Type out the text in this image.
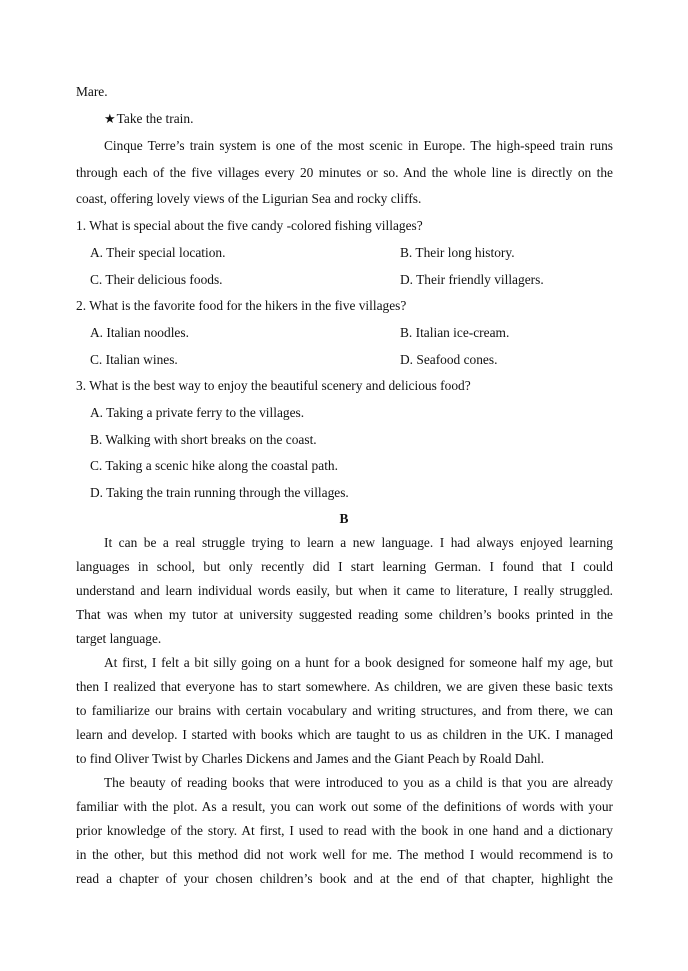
Mare.
★Take the train.
Cinque Terre’s train system is one of the most scenic in Europe. The high-speed train runs
through each of the five villages every 20 minutes or so. And the whole line is directly on the
coast, offering lovely views of the Ligurian Sea and rocky cliffs.
1. What is special about the five candy -colored fishing villages?
A. Their special location.	B. Their long history.
C. Their delicious foods.	D. Their friendly villagers.
2. What is the favorite food for the hikers in the five villages?
A. Italian noodles.	B. Italian ice-cream.
C. Italian wines.	D. Seafood cones.
3. What is the best way to enjoy the beautiful scenery and delicious food?
A. Taking a private ferry to the villages.
B. Walking with short breaks on the coast.
C. Taking a scenic hike along the coastal path.
D. Taking the train running through the villages.
B
It can be a real struggle trying to learn a new language. I had always enjoyed learning
languages in school, but only recently did I start learning German. I found that I could
understand and learn individual words easily, but when it came to literature, I really struggled.
That was when my tutor at university suggested reading some children’s books printed in the
target language.
At first, I felt a bit silly going on a hunt for a book designed for someone half my age, but
then I realized that everyone has to start somewhere. As children, we are given these basic texts
to familiarize our brains with certain vocabulary and writing structures, and from there, we can
learn and develop. I started with books which are taught to us as children in the UK. I managed
to find Oliver Twist by Charles Dickens and James and the Giant Peach by Roald Dahl.
The beauty of reading books that were introduced to you as a child is that you are already
familiar with the plot. As a result, you can work out some of the definitions of words with your
prior knowledge of the story. At first, I used to read with the book in one hand and a dictionary
in the other, but this method did not work well for me. The method I would recommend is to
read a chapter of your chosen children’s book and at the end of that chapter, highlight the
